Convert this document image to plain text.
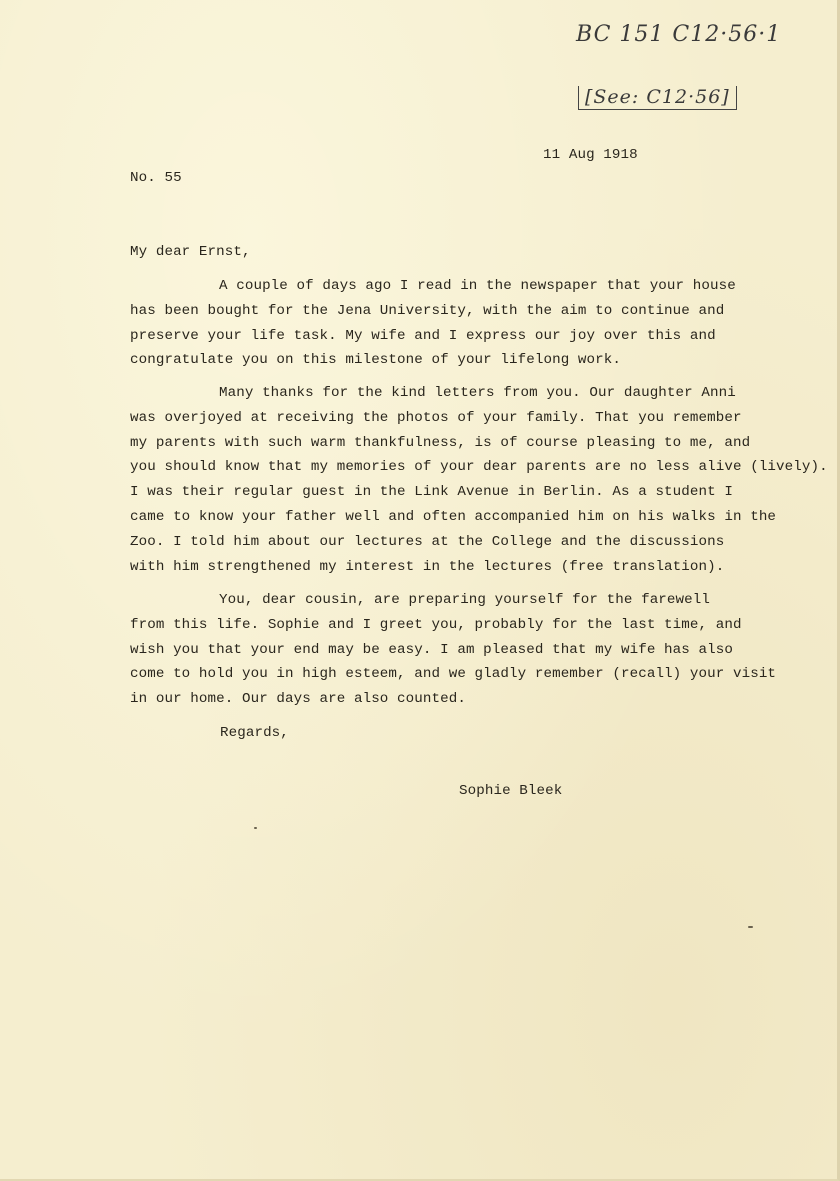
BC 151 C12·56·1
[See: C12·56]
11 Aug 1918
No. 55
My dear Ernst,
A couple of days ago I read in the newspaper that your house
has been bought for the Jena University, with the aim to continue and
preserve your life task. My wife and I express our joy over this and
congratulate you on this milestone of your lifelong work.
Many thanks for the kind letters from you. Our daughter Anni
was overjoyed at receiving the photos of your family. That you remember
my parents with such warm thankfulness, is of course pleasing to me, and
you should know that my memories of your dear parents are no less alive (lively).
I was their regular guest in the Link Avenue in Berlin. As a student I
came to know your father well and often accompanied him on his walks in the
Zoo. I told him about our lectures at the College and the discussions
with him strengthened my interest in the lectures (free translation).
You, dear cousin, are preparing yourself for the farewell
from this life. Sophie and I greet you, probably for the last time, and
wish you that your end may be easy. I am pleased that my wife has also
come to hold you in high esteem, and we gladly remember (recall) your visit
in our home. Our days are also counted.
Regards,
Sophie Bleek
